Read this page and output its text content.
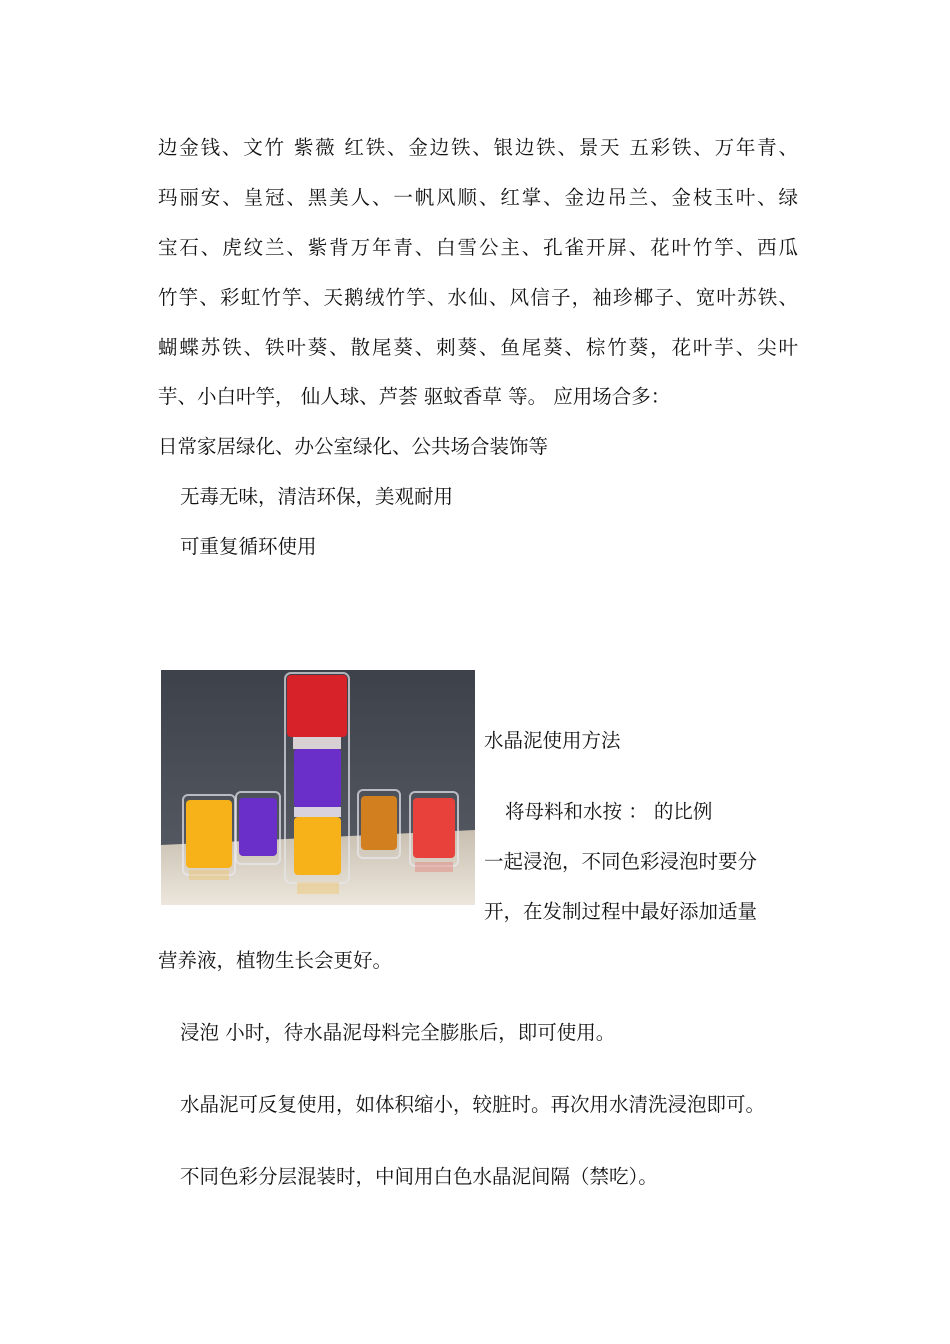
边金钱、文竹 紫薇 红铁、金边铁、银边铁、景天 五彩铁、万年青、
玛丽安、皇冠、黑美人、一帆风顺、红掌、金边吊兰、金枝玉叶、绿
宝石、虎纹兰、紫背万年青、白雪公主、孔雀开屏、花叶竹竽、西瓜
竹竽、彩虹竹竽、天鹅绒竹竽、水仙、风信子，袖珍椰子、宽叶苏铁、
蝴蝶苏铁、铁叶葵、散尾葵、刺葵、鱼尾葵、棕竹葵，花叶芋、尖叶
芋、小白叶竽， 仙人球、芦荟 驱蚊香草 等。 应用场合多：
日常家居绿化、办公室绿化、公共场合装饰等
无毒无味，清洁环保，美观耐用
可重复循环使用
水晶泥使用方法
将母料和水按 ： 的比例
一起浸泡，不同色彩浸泡时要分
开，在发制过程中最好添加适量
营养液，植物生长会更好。
浸泡 小时，待水晶泥母料完全膨胀后，即可使用。
水晶泥可反复使用，如体积缩小，较脏时。再次用水清洗浸泡即可。
不同色彩分层混装时，中间用白色水晶泥间隔（禁吃）。
